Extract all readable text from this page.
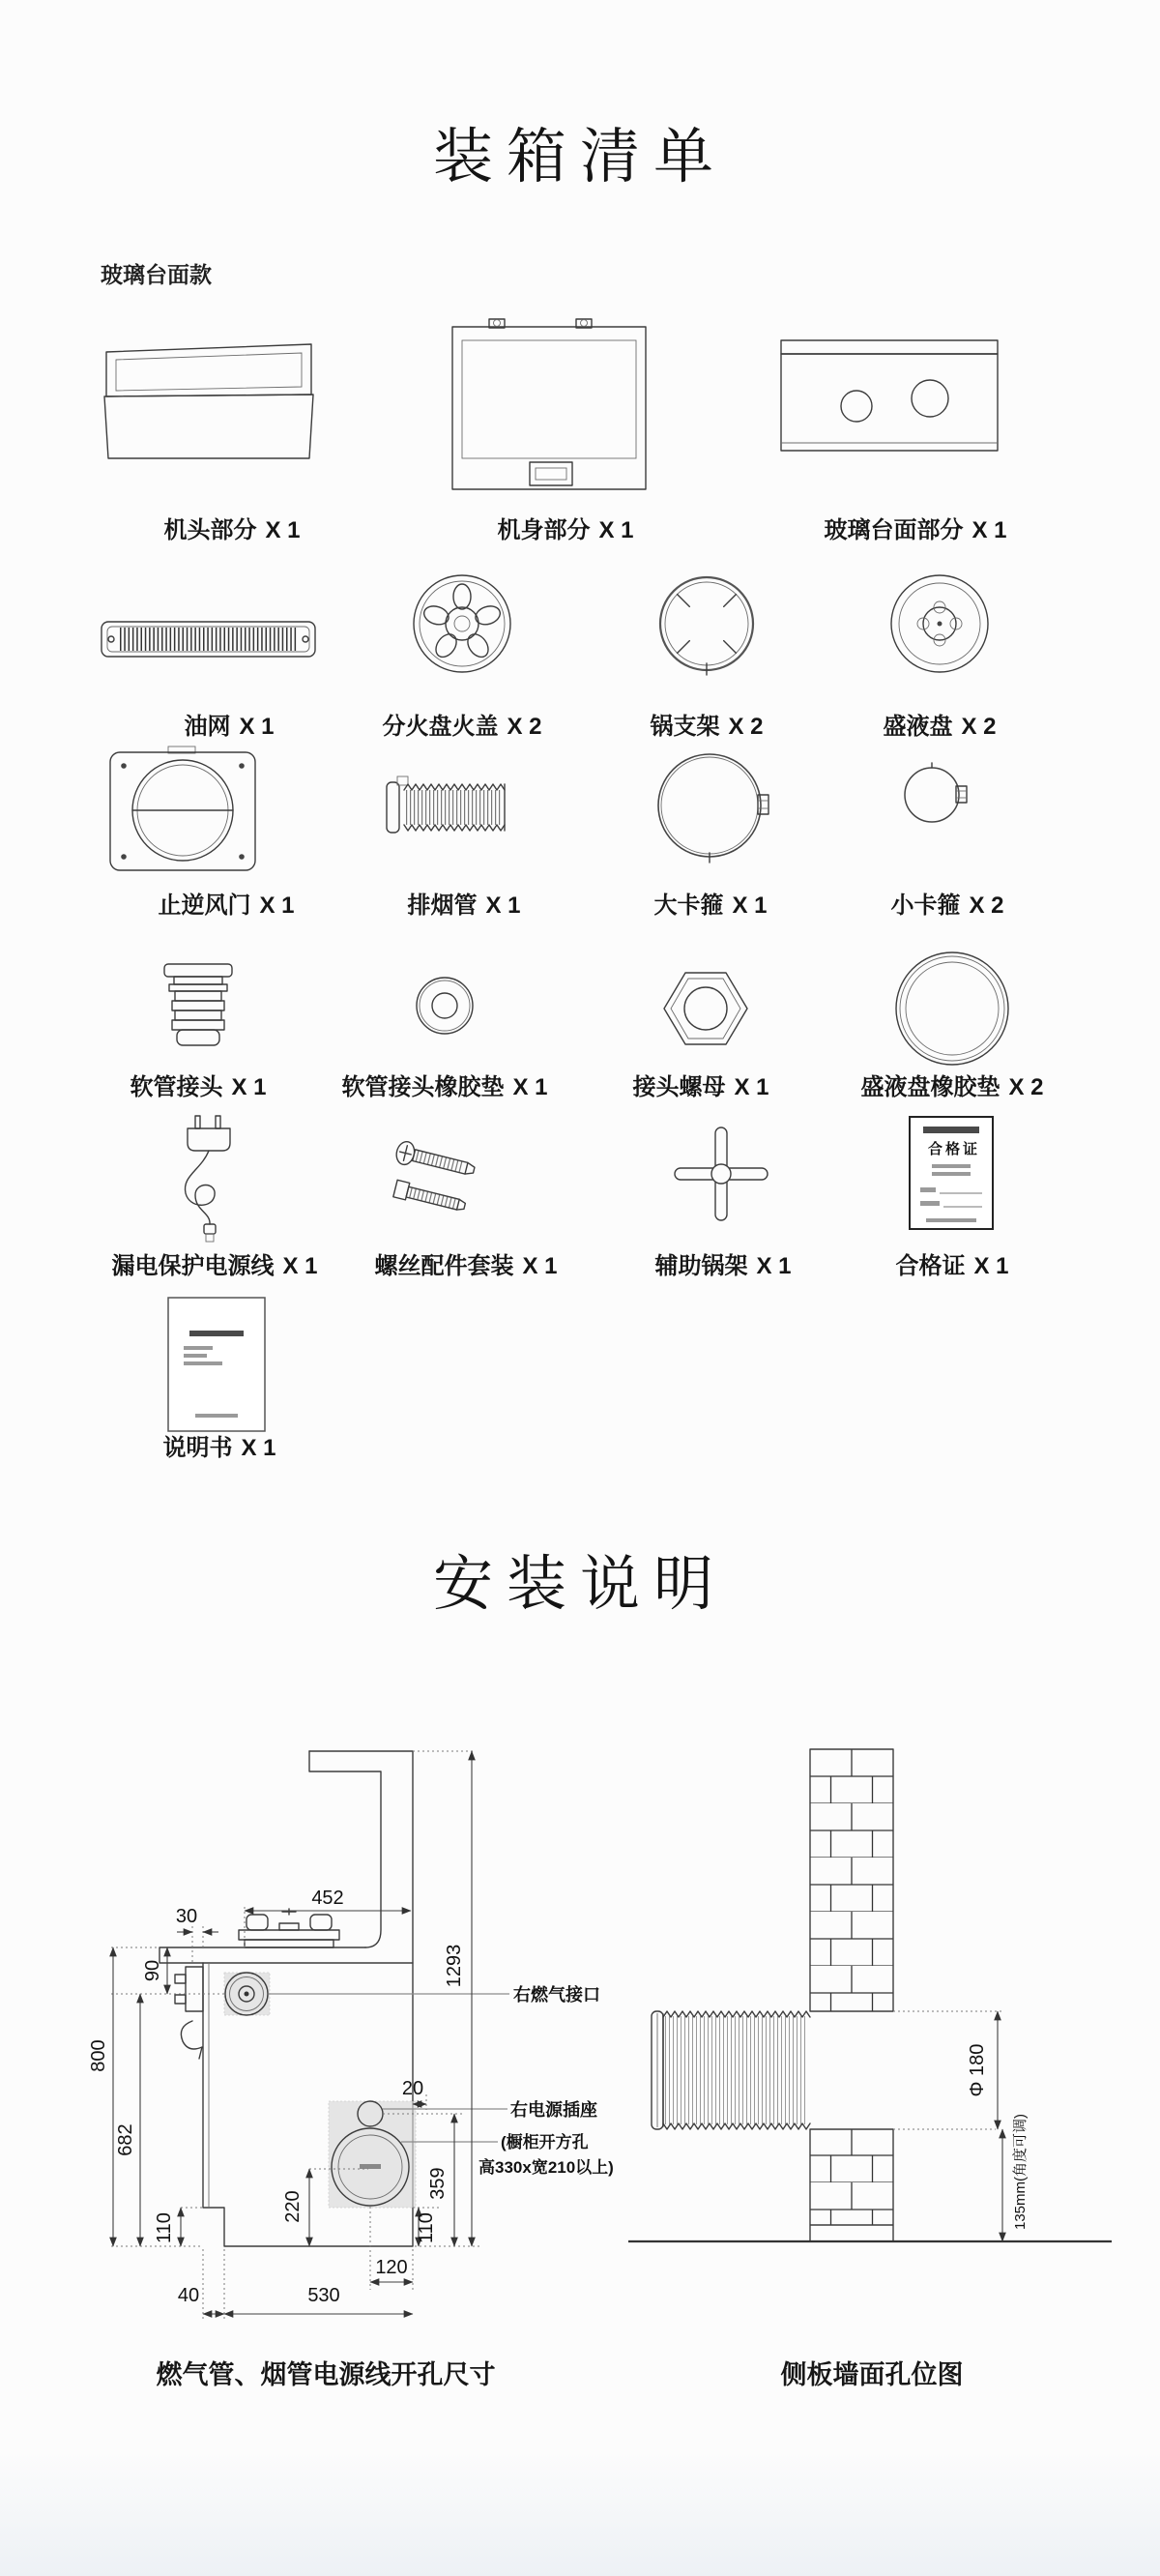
装箱清单
玻璃台面款
合格证
机头部分 X 1	机身部分 X 1	玻璃台面部分 X 1
油网 X 1	分火盘火盖 X 2	锅支架 X 2	盛液盘 X 2
止逆风门 X 1	排烟管 X 1	大卡箍 X 1	小卡箍 X 2
软管接头 X 1	软管接头橡胶垫 X 1	接头螺母 X 1	盛液盘橡胶垫 X 2
漏电保护电源线 X 1 螺丝配件套装 X 1	辅助锅架 X 1	合格证 X 1
说明书 X 1
安装说明
右燃气接口
右电源插座
(橱柜开方孔
高330x宽210以上)
452
30
1293
90
800
682
110	110
220
359
20
40	530
120
Φ 180
135mm(角度可调)
燃气管、烟管电源线开孔尺寸	侧板墙面孔位图
